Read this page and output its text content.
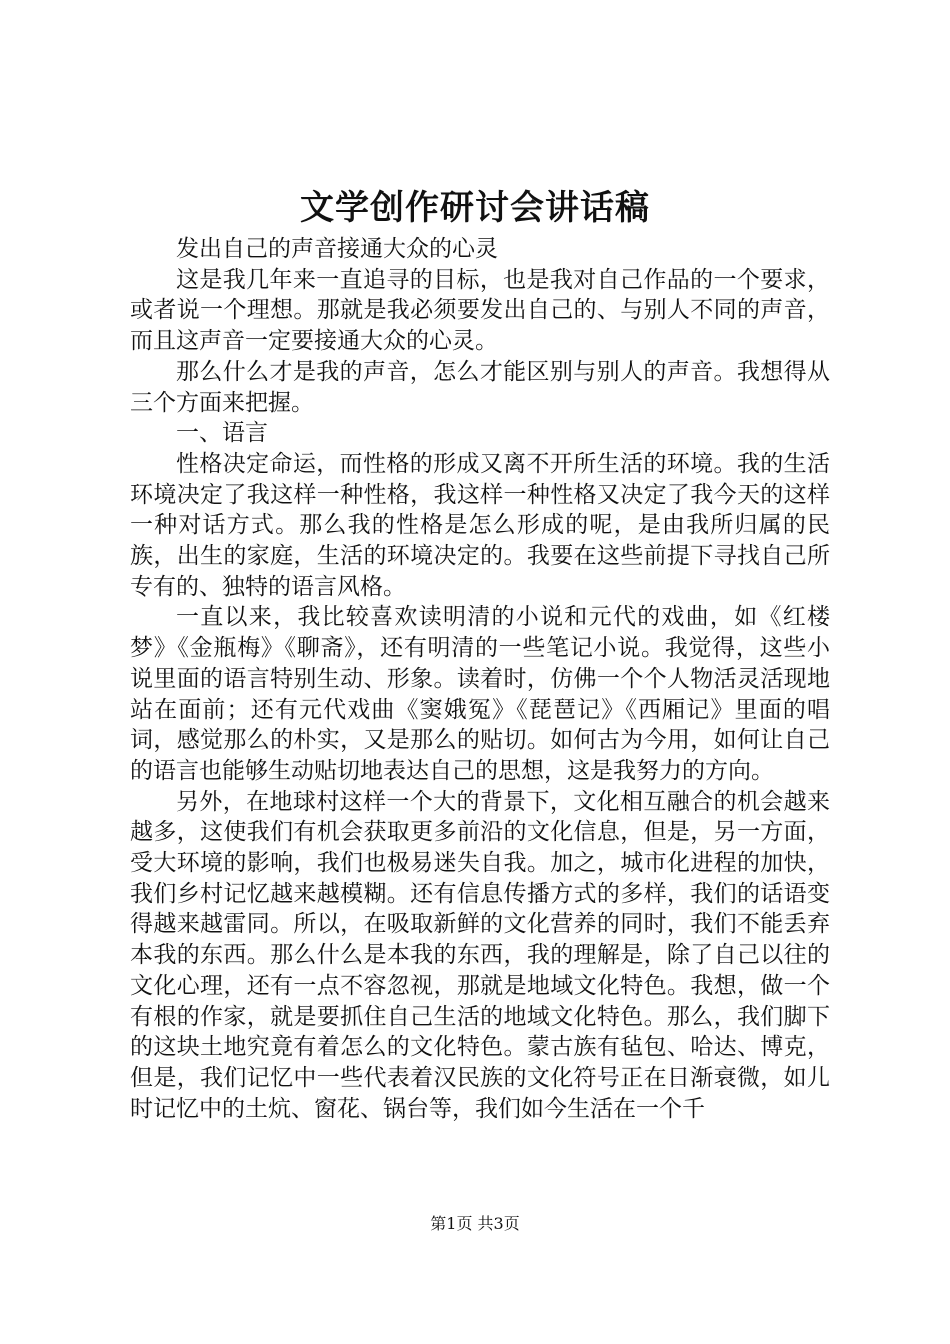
文学创作研讨会讲话稿

发出自己的声音接通大众的心灵

这是我几年来一直追寻的目标，也是我对自己作品的一个要求，或者说一个理想。那就是我必须要发出自己的、与别人不同的声音，而且这声音一定要接通大众的心灵。

那么什么才是我的声音，怎么才能区别与别人的声音。我想得从三个方面来把握。

一、语言

性格决定命运，而性格的形成又离不开所生活的环境。我的生活环境决定了我这样一种性格，我这样一种性格又决定了我今天的这样一种对话方式。那么我的性格是怎么形成的呢，是由我所归属的民族，出生的家庭，生活的环境决定的。我要在这些前提下寻找自己所专有的、独特的语言风格。

一直以来，我比较喜欢读明清的小说和元代的戏曲，如《红楼梦》《金瓶梅》《聊斋》，还有明清的一些笔记小说。我觉得，这些小说里面的语言特别生动、形象。读着时，仿佛一个个人物活灵活现地站在面前；还有元代戏曲《窦娥冤》《琵琶记》《西厢记》里面的唱词，感觉那么的朴实，又是那么的贴切。如何古为今用，如何让自己的语言也能够生动贴切地表达自己的思想，这是我努力的方向。

另外，在地球村这样一个大的背景下，文化相互融合的机会越来越多，这使我们有机会获取更多前沿的文化信息，但是，另一方面，受大环境的影响，我们也极易迷失自我。加之，城市化进程的加快，我们乡村记忆越来越模糊。还有信息传播方式的多样，我们的话语变得越来越雷同。所以，在吸取新鲜的文化营养的同时，我们不能丢弃本我的东西。那么什么是本我的东西，我的理解是，除了自己以往的文化心理，还有一点不容忽视，那就是地域文化特色。我想，做一个有根的作家，就是要抓住自己生活的地域文化特色。那么，我们脚下的这块土地究竟有着怎么的文化特色。蒙古族有毡包、哈达、博克，但是，我们记忆中一些代表着汉民族的文化符号正在日渐衰微，如儿时记忆中的土炕、窗花、锅台等，我们如今生活在一个千

第1页 共3页
